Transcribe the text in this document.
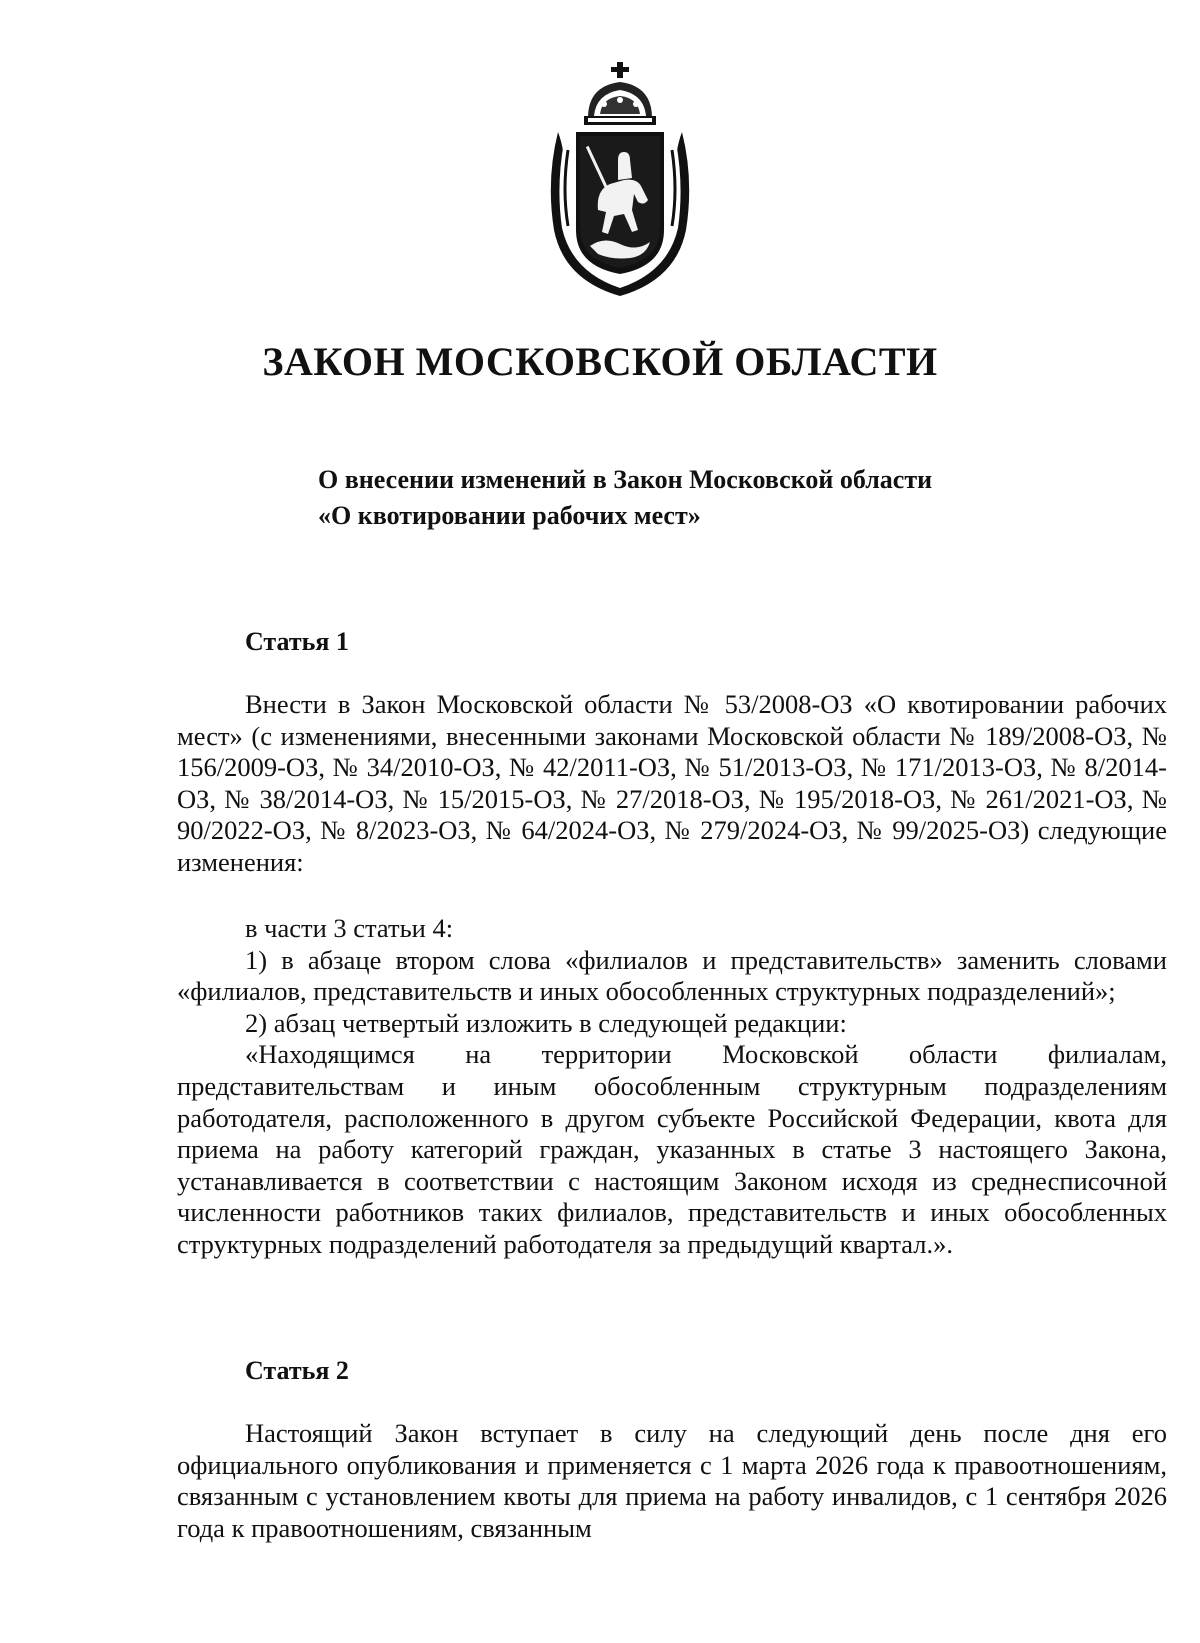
ЗАКОН МОСКОВСКОЙ ОБЛАСТИ
О внесении изменений в Закон Московской области
«О квотировании рабочих мест»
Статья 1

Внести в Закон Московской области № 53/2008-ОЗ «О квотировании рабочих мест» (с изменениями, внесенными законами Московской области № 189/2008-ОЗ, № 156/2009-ОЗ, № 34/2010-ОЗ, № 42/2011-ОЗ, № 51/2013-ОЗ, № 171/2013-ОЗ, № 8/2014-ОЗ, № 38/2014-ОЗ, № 15/2015-ОЗ, № 27/2018-ОЗ, № 195/2018-ОЗ, № 261/2021-ОЗ, № 90/2022-ОЗ, № 8/2023-ОЗ, № 64/2024-ОЗ, № 279/2024-ОЗ, № 99/2025-ОЗ) следующие изменения:

в части 3 статьи 4:

1) в абзаце втором слова «филиалов и представительств» заменить словами «филиалов, представительств и иных обособленных структурных подразделений»;

2) абзац четвертый изложить в следующей редакции:

«Находящимся на территории Московской области филиалам, представительствам и иным обособленным структурным подразделениям работодателя, расположенного в другом субъекте Российской Федерации, квота для приема на работу категорий граждан, указанных в статье 3 настоящего Закона, устанавливается в соответствии с настоящим Законом исходя из среднесписочной численности работников таких филиалов, представительств и иных обособленных структурных подразделений работодателя за предыдущий квартал.».

Статья 2

Настоящий Закон вступает в силу на следующий день после дня его официального опубликования и применяется с 1 марта 2026 года к правоотношениям, связанным с установлением квоты для приема на работу инвалидов, с 1 сентября 2026 года к правоотношениям, связанным
